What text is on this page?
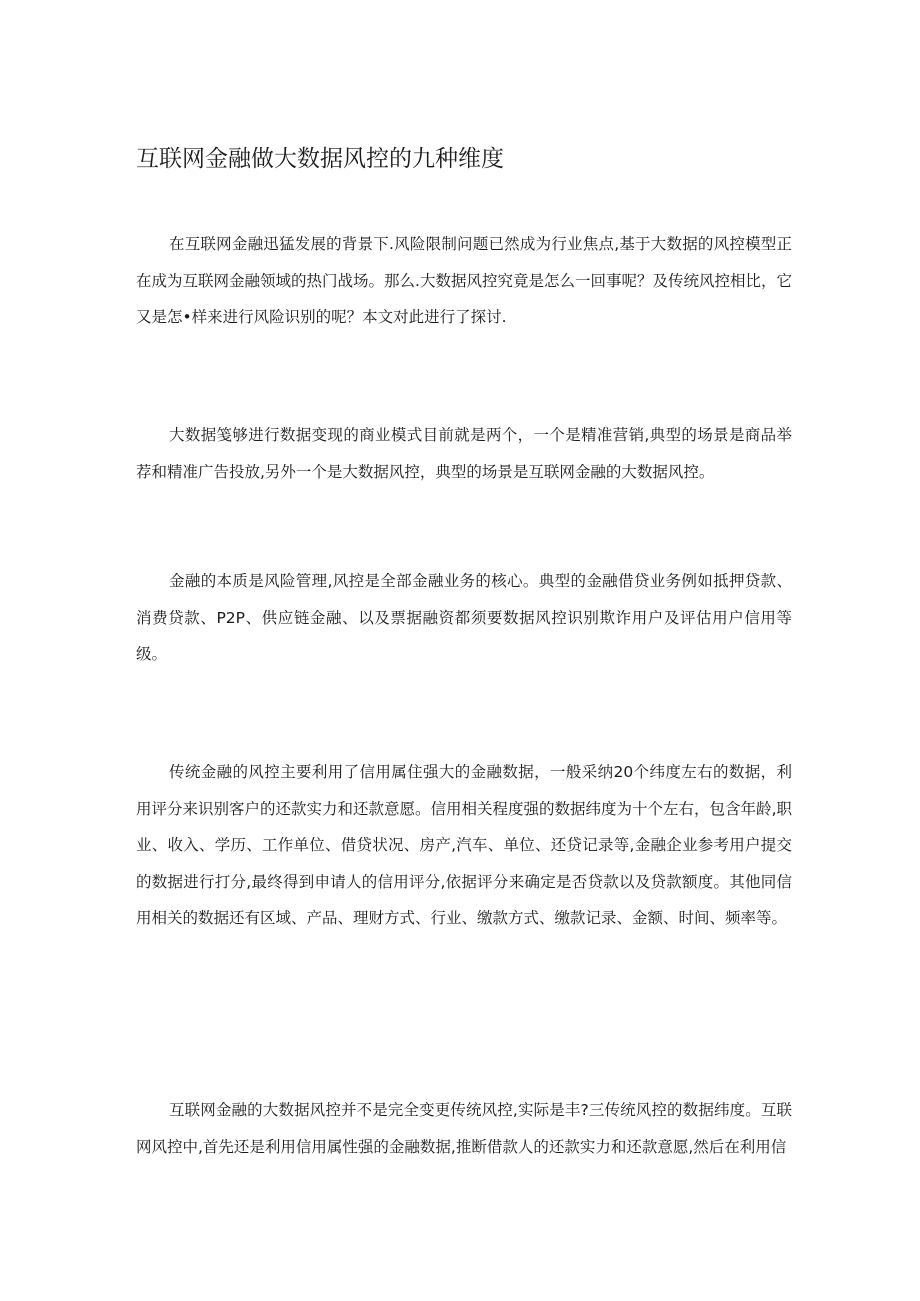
互联网金融做大数据风控的九种维度

在互联网金融迅猛发展的背景下.风险限制问题已然成为行业焦点,基于大数据的风控模型正在成为互联网金融领域的热门战场。那么.大数据风控究竟是怎么一回事呢？及传统风控相比，它又是怎•样来进行风险识别的呢？本文对此进行了探讨.

大数据笺够进行数据变现的商业模式目前就是两个，一个是精准营销,典型的场景是商品举荐和精准广告投放,另外一个是大数据风控，典型的场景是互联网金融的大数据风控。

金融的本质是风险管理,风控是全部金融业务的核心。典型的金融借贷业务例如抵押贷款、消费贷款、P2P、供应链金融、以及票据融资都须要数据风控识别欺诈用户及评估用户信用等级。

传统金融的风控主要利用了信用属住强大的金融数据，一般采纳20个纬度左右的数据，利用评分来识别客户的还款实力和还款意愿。信用相关程度强的数据纬度为十个左右，包含年龄,职业、收入、学历、工作单位、借贷状况、房产,汽车、单位、还贷记录等,金融企业参考用户提交的数据进行打分,最终得到申请人的信用评分,依据评分来确定是否贷款以及贷款额度。其他同信用相关的数据还有区域、产品、理财方式、行业、缴款方式、缴款记录、金额、时间、频率等。

互联网金融的大数据风控并不是完全变更传统风控,实际是丰?三传统风控的数据纬度。互联网风控中,首先还是利用信用属性强的金融数据,推断借款人的还款实力和还款意愿,然后在利用信
